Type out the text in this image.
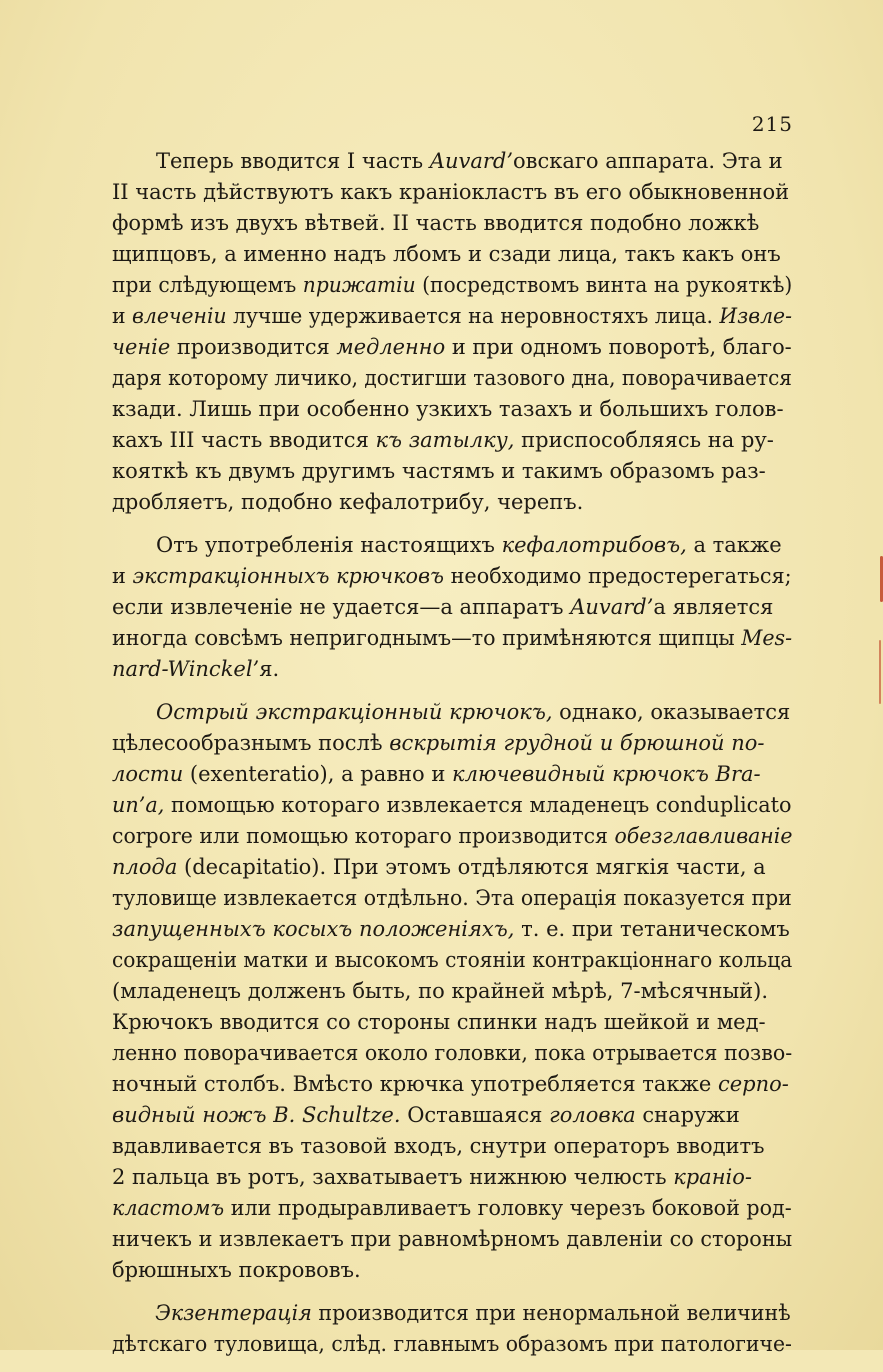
215
Теперь вводится I часть Auvard’овскаго аппарата. Эта и
II часть дѣйствуютъ какъ краніокластъ въ его обыкновенной
формѣ изъ двухъ вѣтвей. II часть вводится подобно ложкѣ
щипцовъ, а именно надъ лбомъ и сзади лица, такъ какъ онъ
при слѣдующемъ прижатіи (посредствомъ винта на рукояткѣ)
и влеченіи лучше удерживается на неровностяхъ лица. Извле-
ченіе производится медленно и при одномъ поворотѣ, благо-
даря которому личико, достигши тазового дна, поворачивается
кзади. Лишь при особенно узкихъ тазахъ и большихъ голов-
кахъ III часть вводится къ затылку, приспособляясь на ру-
кояткѣ къ двумъ другимъ частямъ и такимъ образомъ раз-
дробляетъ, подобно кефалотрибу, черепъ.
Отъ употребленія настоящихъ кефалотрибовъ, а также
и экстракціонныхъ крючковъ необходимо предостерегаться;
если извлеченіе не удается—а аппаратъ Auvard’а является
иногда совсѣмъ непригоднымъ—то примѣняются щипцы Mes-
nard-Winckel’я.
Острый экстракціонный крючокъ, однако, оказывается
цѣлесообразнымъ послѣ вскрытія грудной и брюшной по-
лости (exenteratio), а равно и ключевидный крючокъ Bra-
un’а, помощью котораго извлекается младенецъ conduplicato
corpore или помощью котораго производится обезглавливаніе
плода (decapitatio). При этомъ отдѣляются мягкія части, а
туловище извлекается отдѣльно. Эта операція показуется при
запущенныхъ косыхъ положеніяхъ, т. е. при тетаническомъ
сокращеніи матки и высокомъ стояніи контракціоннаго кольца
(младенецъ долженъ быть, по крайней мѣрѣ, 7-мѣсячный).
Крючокъ вводится со стороны спинки надъ шейкой и мед-
ленно поворачивается около головки, пока отрывается позво-
ночный столбъ. Вмѣсто крючка употребляется также серпо-
видный ножъ B. Schultze. Оставшаяся головка снаружи
вдавливается въ тазовой входъ, снутри операторъ вводитъ
2 пальца въ ротъ, захватываетъ нижнюю челюсть краніо-
кластомъ или продыравливаетъ головку черезъ боковой род-
ничекъ и извлекаетъ при равномѣрномъ давленіи со стороны
брюшныхъ покрововъ.
Экзентерація производится при ненормальной величинѣ
дѣтскаго туловища, слѣд. главнымъ образомъ при патологиче-
